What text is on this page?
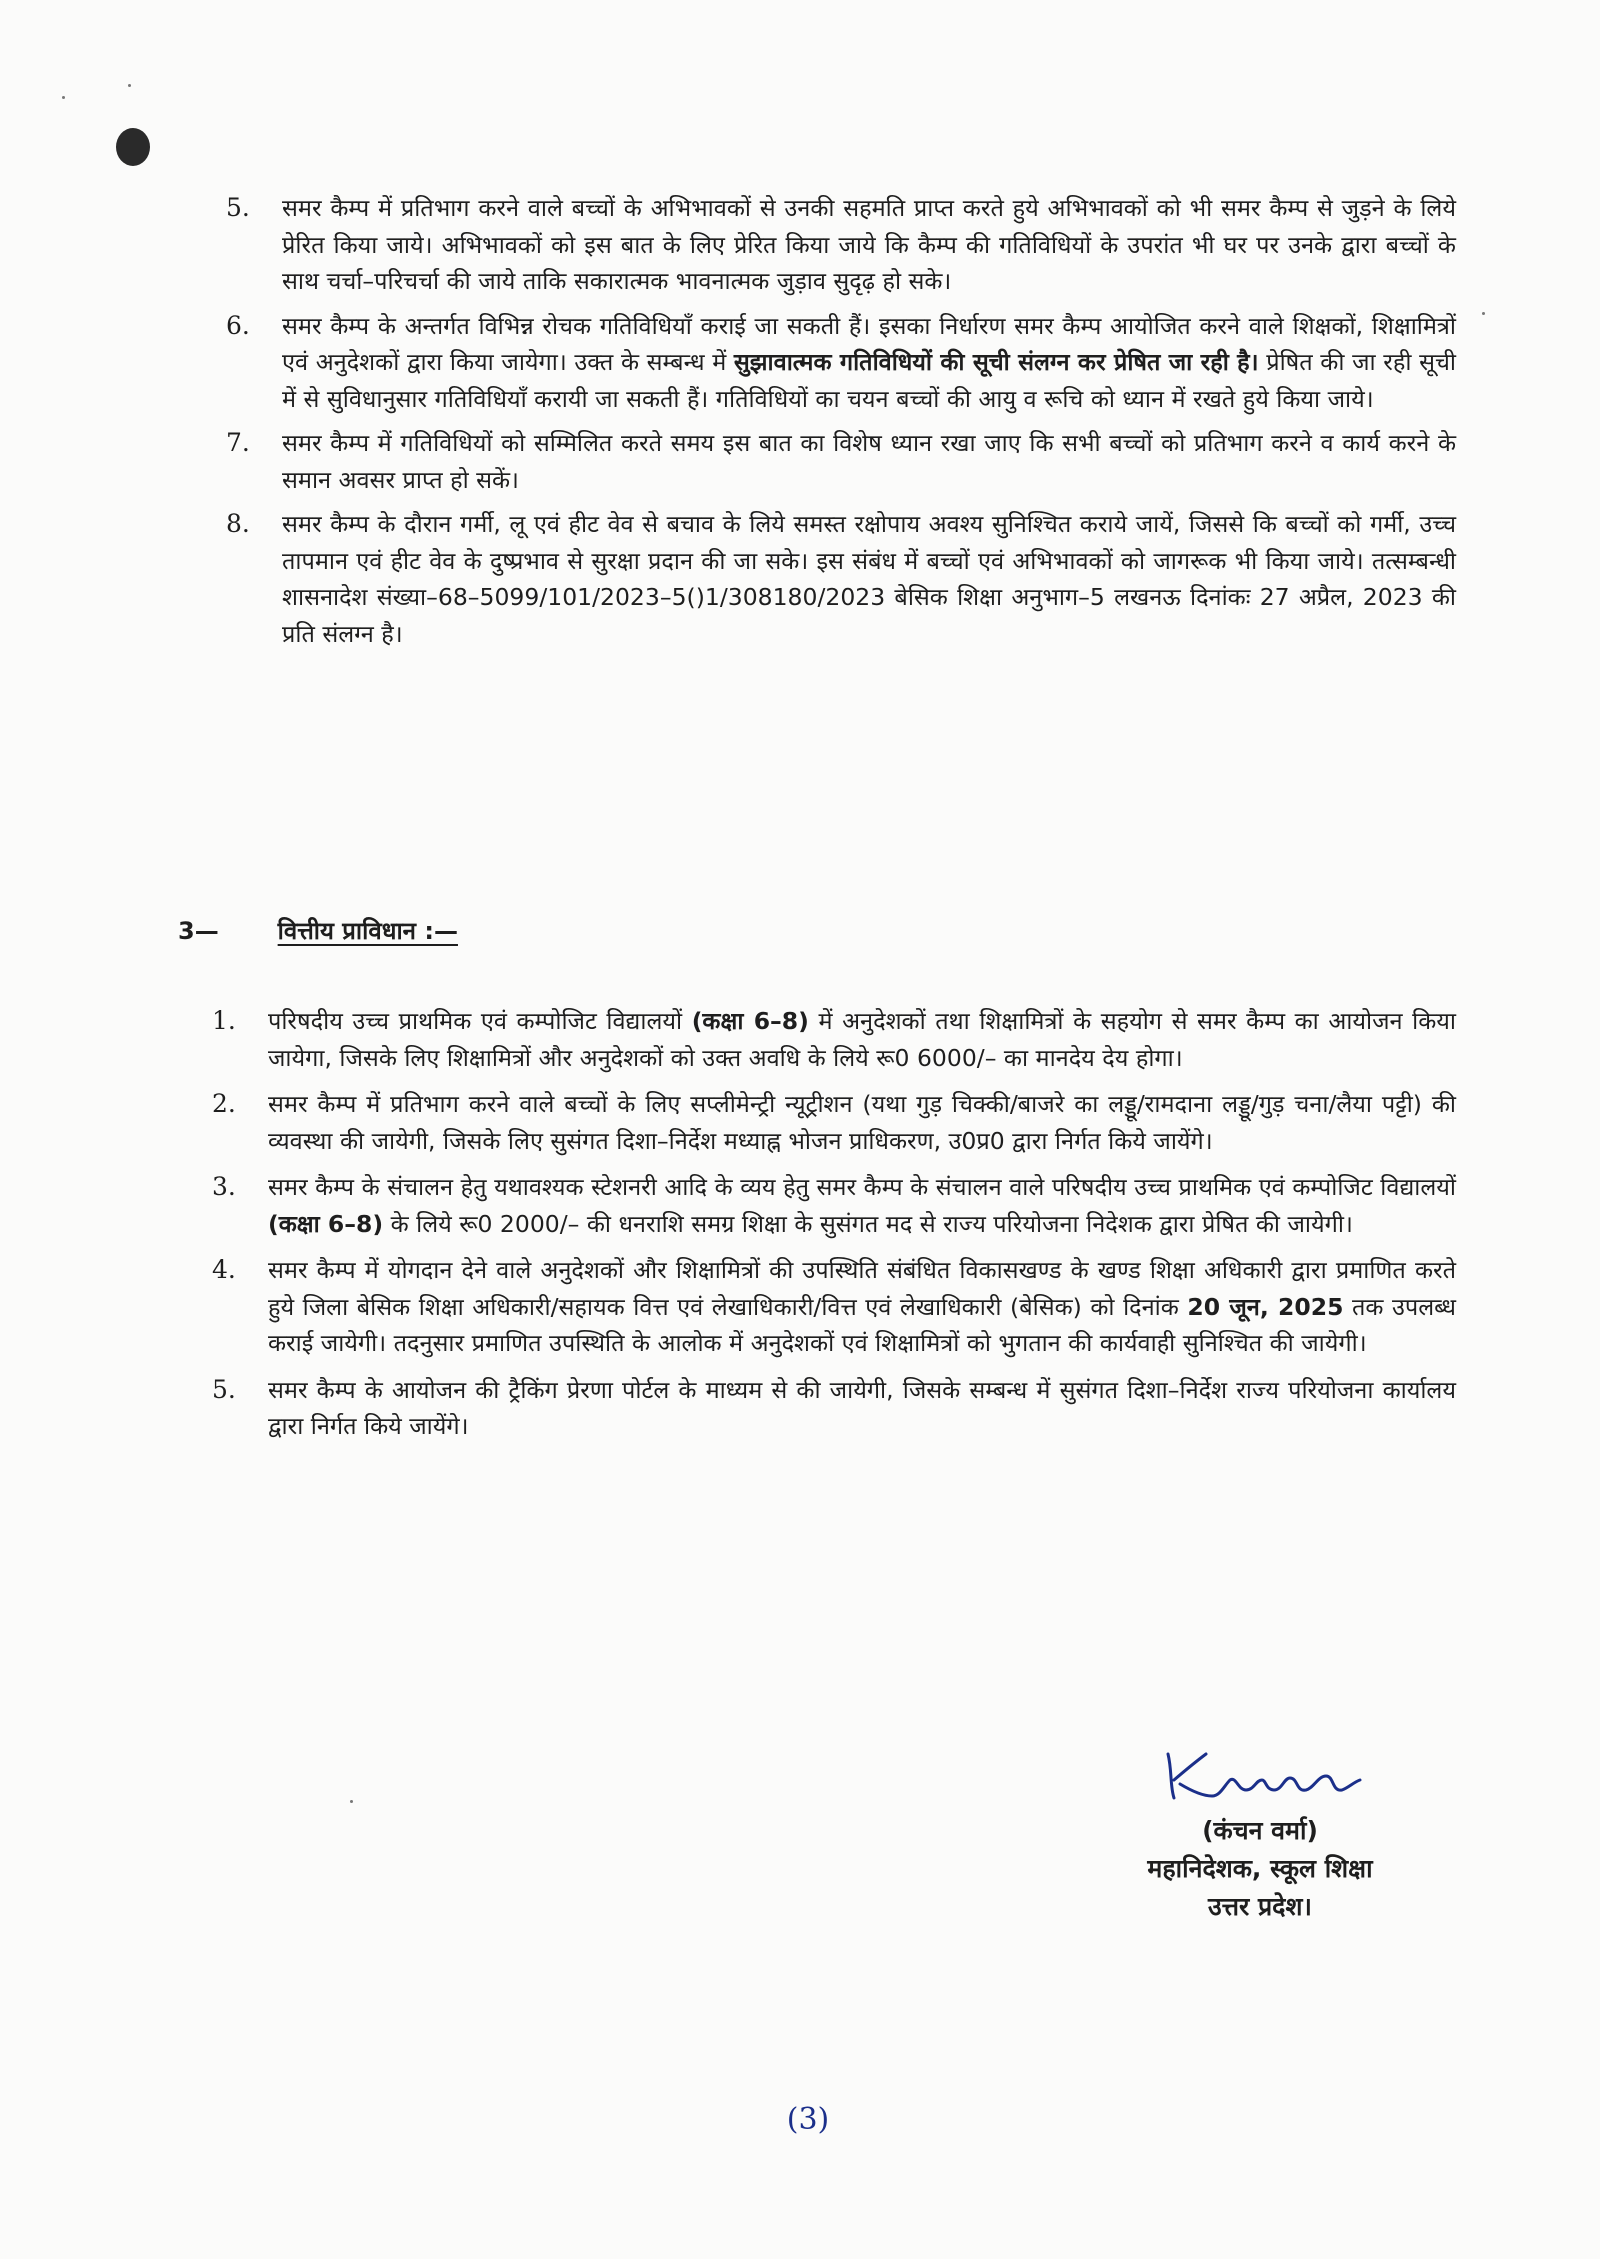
5. समर कैम्प में प्रतिभाग करने वाले बच्चों के अभिभावकों से उनकी सहमति प्राप्त करते हुये अभिभावकों को भी समर कैम्प से जुड़ने के लिये प्रेरित किया जाये। अभिभावकों को इस बात के लिए प्रेरित किया जाये कि कैम्प की गतिविधियों के उपरांत भी घर पर उनके द्वारा बच्चों के साथ चर्चा–परिचर्चा की जाये ताकि सकारात्मक भावनात्मक जुड़ाव सुदृढ़ हो सके।
6. समर कैम्प के अन्तर्गत विभिन्न रोचक गतिविधियाँ कराई जा सकती हैं। इसका निर्धारण समर कैम्प आयोजित करने वाले शिक्षकों, शिक्षामित्रों एवं अनुदेशकों द्वारा किया जायेगा। उक्त के सम्बन्ध में सुझावात्मक गतिविधियों की सूची संलग्न कर प्रेषित जा रही है। प्रेषित की जा रही सूची में से सुविधानुसार गतिविधियाँ करायी जा सकती हैं। गतिविधियों का चयन बच्चों की आयु व रूचि को ध्यान में रखते हुये किया जाये।
7. समर कैम्प में गतिविधियों को सम्मिलित करते समय इस बात का विशेष ध्यान रखा जाए कि सभी बच्चों को प्रतिभाग करने व कार्य करने के समान अवसर प्राप्त हो सकें।
8. समर कैम्प के दौरान गर्मी, लू एवं हीट वेव से बचाव के लिये समस्त रक्षोपाय अवश्य सुनिश्चित कराये जायें, जिससे कि बच्चों को गर्मी, उच्च तापमान एवं हीट वेव के दुष्प्रभाव से सुरक्षा प्रदान की जा सके। इस संबंध में बच्चों एवं अभिभावकों को जागरूक भी किया जाये। तत्सम्बन्धी शासनादेश संख्या–68–5099/101/2023–5()1/308180/2023 बेसिक शिक्षा अनुभाग–5 लखनऊ दिनांकः 27 अप्रैल, 2023 की प्रति संलग्न है।
3— वित्तीय प्राविधान :—
1. परिषदीय उच्च प्राथमिक एवं कम्पोजिट विद्यालयों (कक्षा 6–8) में अनुदेशकों तथा शिक्षामित्रों के सहयोग से समर कैम्प का आयोजन किया जायेगा, जिसके लिए शिक्षामित्रों और अनुदेशकों को उक्त अवधि के लिये रू0 6000/– का मानदेय देय होगा।
2. समर कैम्प में प्रतिभाग करने वाले बच्चों के लिए सप्लीमेन्ट्री न्यूट्रीशन (यथा गुड़ चिक्की/बाजरे का लड्डू/रामदाना लड्डू/गुड़ चना/लैया पट्टी) की व्यवस्था की जायेगी, जिसके लिए सुसंगत दिशा–निर्देश मध्याह्न भोजन प्राधिकरण, उ0प्र0 द्वारा निर्गत किये जायेंगे।
3. समर कैम्प के संचालन हेतु यथावश्यक स्टेशनरी आदि के व्यय हेतु समर कैम्प के संचालन वाले परिषदीय उच्च प्राथमिक एवं कम्पोजिट विद्यालयों (कक्षा 6–8) के लिये रू0 2000/– की धनराशि समग्र शिक्षा के सुसंगत मद से राज्य परियोजना निदेशक द्वारा प्रेषित की जायेगी।
4. समर कैम्प में योगदान देने वाले अनुदेशकों और शिक्षामित्रों की उपस्थिति संबंधित विकासखण्ड के खण्ड शिक्षा अधिकारी द्वारा प्रमाणित करते हुये जिला बेसिक शिक्षा अधिकारी/सहायक वित्त एवं लेखाधिकारी/वित्त एवं लेखाधिकारी (बेसिक) को दिनांक 20 जून, 2025 तक उपलब्ध कराई जायेगी। तदनुसार प्रमाणित उपस्थिति के आलोक में अनुदेशकों एवं शिक्षामित्रों को भुगतान की कार्यवाही सुनिश्चित की जायेगी।
5. समर कैम्प के आयोजन की ट्रैकिंग प्रेरणा पोर्टल के माध्यम से की जायेगी, जिसके सम्बन्ध में सुसंगत दिशा–निर्देश राज्य परियोजना कार्यालय द्वारा निर्गत किये जायेंगे।
(कंचन वर्मा)
महानिदेशक, स्कूल शिक्षा
उत्तर प्रदेश।
(3)
